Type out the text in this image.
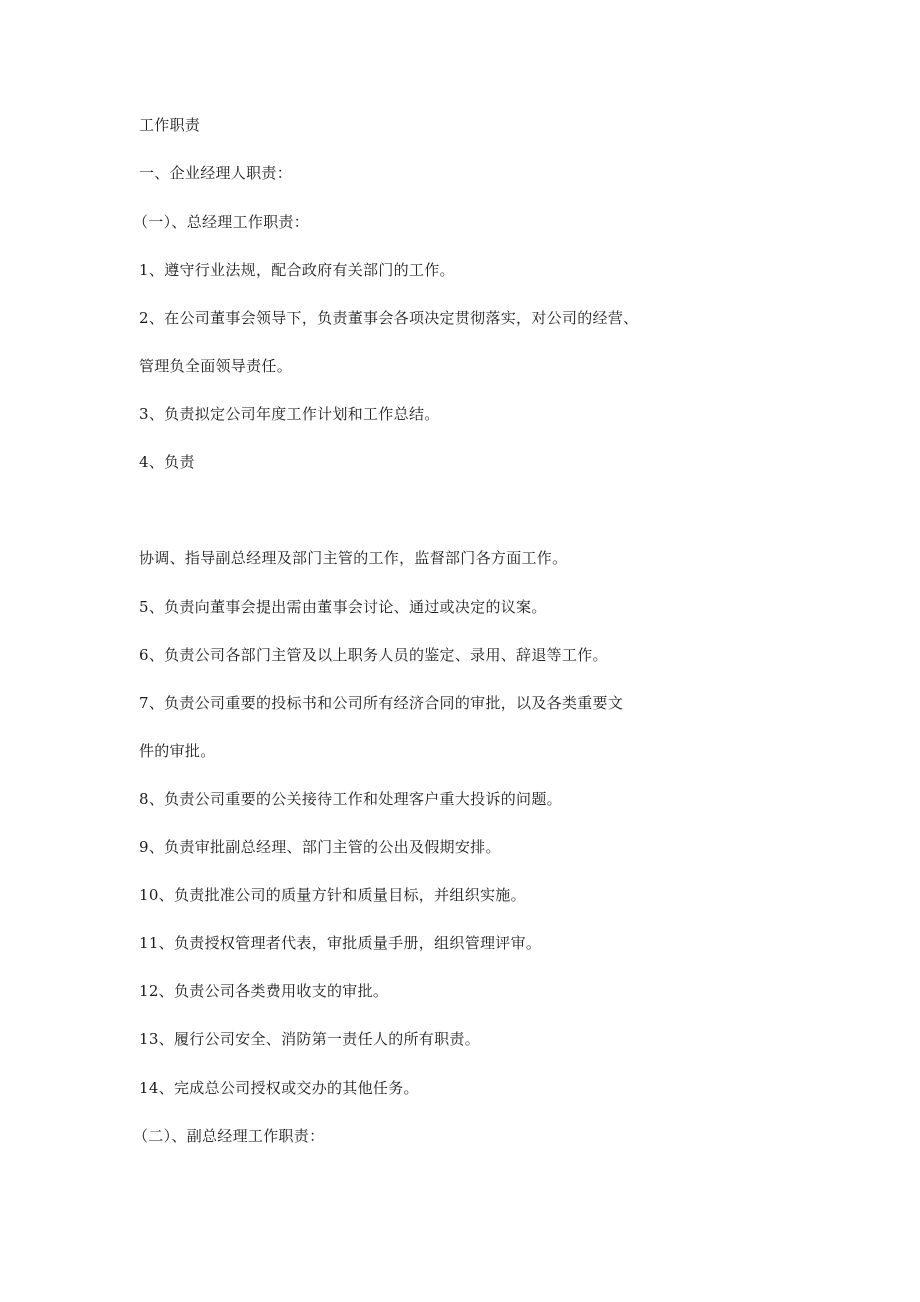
工作职责
一、企业经理人职责：
（一）、总经理工作职责：
1、遵守行业法规，配合政府有关部门的工作。
2、在公司董事会领导下，负责董事会各项决定贯彻落实，对公司的经营、
管理负全面领导责任。
3、负责拟定公司年度工作计划和工作总结。
4、负责
协调、指导副总经理及部门主管的工作，监督部门各方面工作。
5、负责向董事会提出需由董事会讨论、通过或决定的议案。
6、负责公司各部门主管及以上职务人员的鉴定、录用、辞退等工作。
7、负责公司重要的投标书和公司所有经济合同的审批，以及各类重要文
件的审批。
8、负责公司重要的公关接待工作和处理客户重大投诉的问题。
9、负责审批副总经理、部门主管的公出及假期安排。
10、负责批准公司的质量方针和质量目标，并组织实施。
11、负责授权管理者代表，审批质量手册，组织管理评审。
12、负责公司各类费用收支的审批。
13、履行公司安全、消防第一责任人的所有职责。
14、完成总公司授权或交办的其他任务。
（二）、副总经理工作职责：
